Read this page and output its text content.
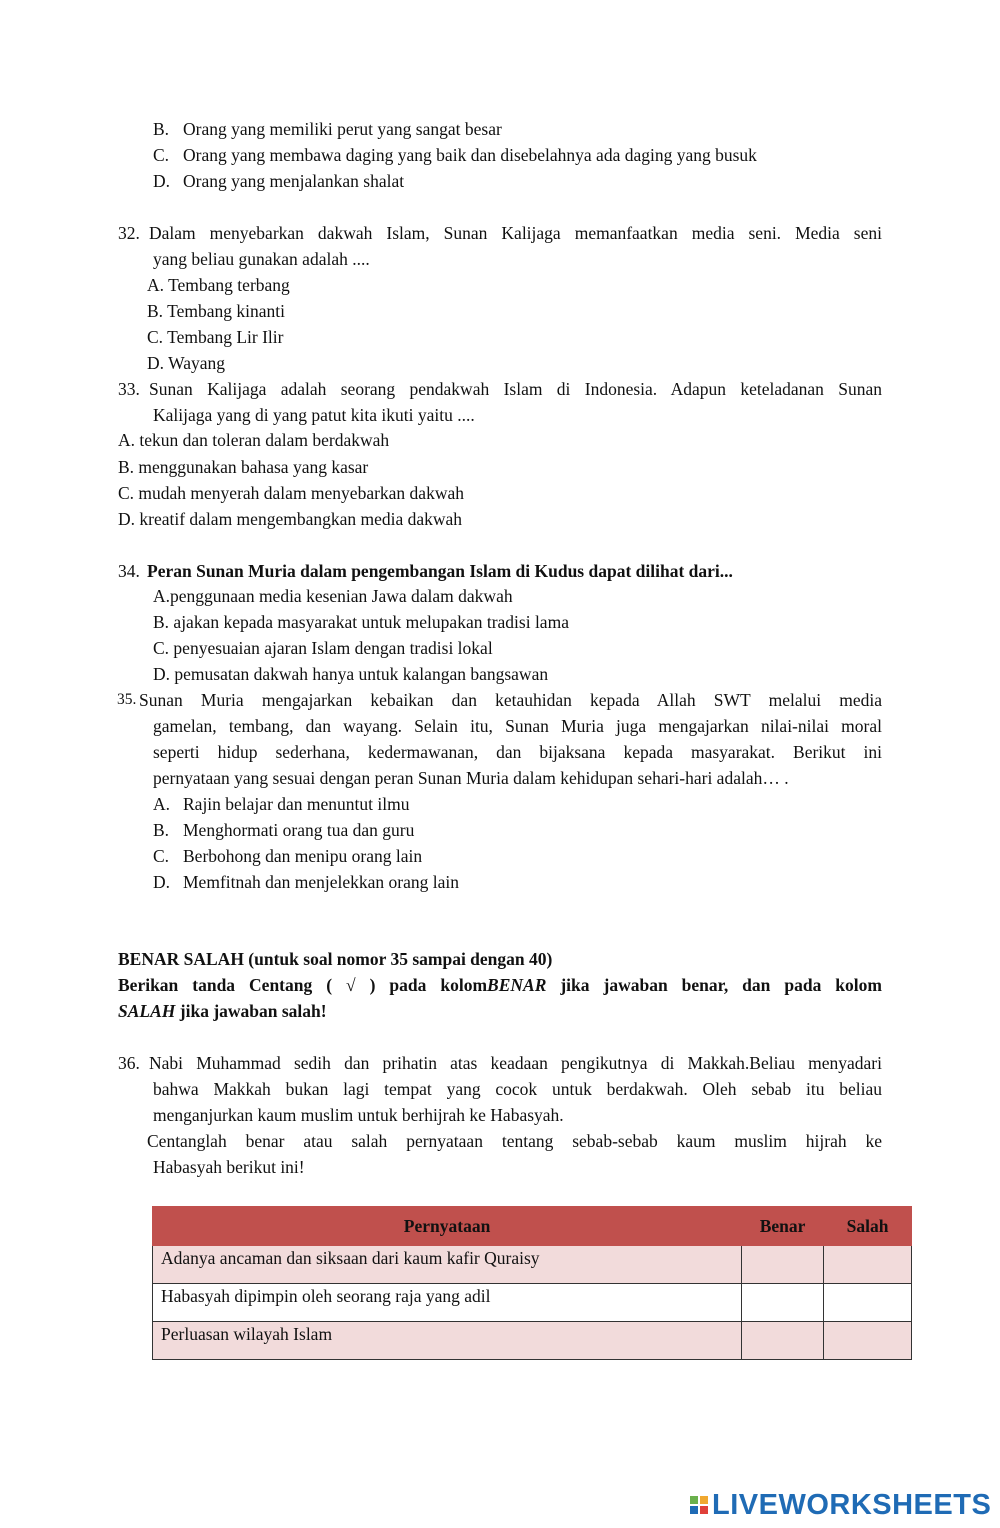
B. Orang yang memiliki perut yang sangat besar
C. Orang yang membawa daging yang baik dan disebelahnya ada daging yang busuk
D. Orang yang menjalankan shalat
32. Dalam menyebarkan dakwah Islam, Sunan Kalijaga memanfaatkan media seni. Media seni
yang beliau gunakan adalah ....
A. Tembang terbang
B. Tembang kinanti
C. Tembang Lir Ilir
D. Wayang
33. Sunan Kalijaga adalah seorang pendakwah Islam di Indonesia. Adapun keteladanan Sunan
Kalijaga yang di yang patut kita ikuti yaitu ....
A. tekun dan toleran dalam berdakwah
B. menggunakan bahasa yang kasar
C. mudah menyerah dalam menyebarkan dakwah
D. kreatif dalam mengembangkan media dakwah
34. Peran Sunan Muria dalam pengembangan Islam di Kudus dapat dilihat dari...
A.penggunaan media kesenian Jawa dalam dakwah
B. ajakan kepada masyarakat untuk melupakan tradisi lama
C. penyesuaian ajaran Islam dengan tradisi lokal
D. pemusatan dakwah hanya untuk kalangan bangsawan
35. Sunan Muria mengajarkan kebaikan dan ketauhidan kepada Allah SWT melalui media
gamelan, tembang, dan wayang. Selain itu, Sunan Muria juga mengajarkan nilai-nilai moral
seperti hidup sederhana, kedermawanan, dan bijaksana kepada masyarakat. Berikut ini
pernyataan yang sesuai dengan peran Sunan Muria dalam kehidupan sehari-hari adalah… .
A. Rajin belajar dan menuntut ilmu
B. Menghormati orang tua dan guru
C. Berbohong dan menipu orang lain
D. Memfitnah dan menjelekkan orang lain
BENAR SALAH (untuk soal nomor 35 sampai dengan 40)
Berikan tanda Centang ( √ ) pada kolomBENAR jika jawaban benar, dan pada kolom
SALAH jika jawaban salah!
36. Nabi Muhammad sedih dan prihatin atas keadaan pengikutnya di Makkah.Beliau menyadari
bahwa Makkah bukan lagi tempat yang cocok untuk berdakwah. Oleh sebab itu beliau
menganjurkan kaum muslim untuk berhijrah ke Habasyah.
Centanglah benar atau salah pernyataan tentang sebab-sebab kaum muslim hijrah ke
Habasyah berikut ini!
Pernyataan	Benar	Salah
Adanya ancaman dan siksaan dari kaum kafir Quraisy		
Habasyah dipimpin oleh seorang raja yang adil		
Perluasan wilayah Islam		
LIVEWORKSHEETS
